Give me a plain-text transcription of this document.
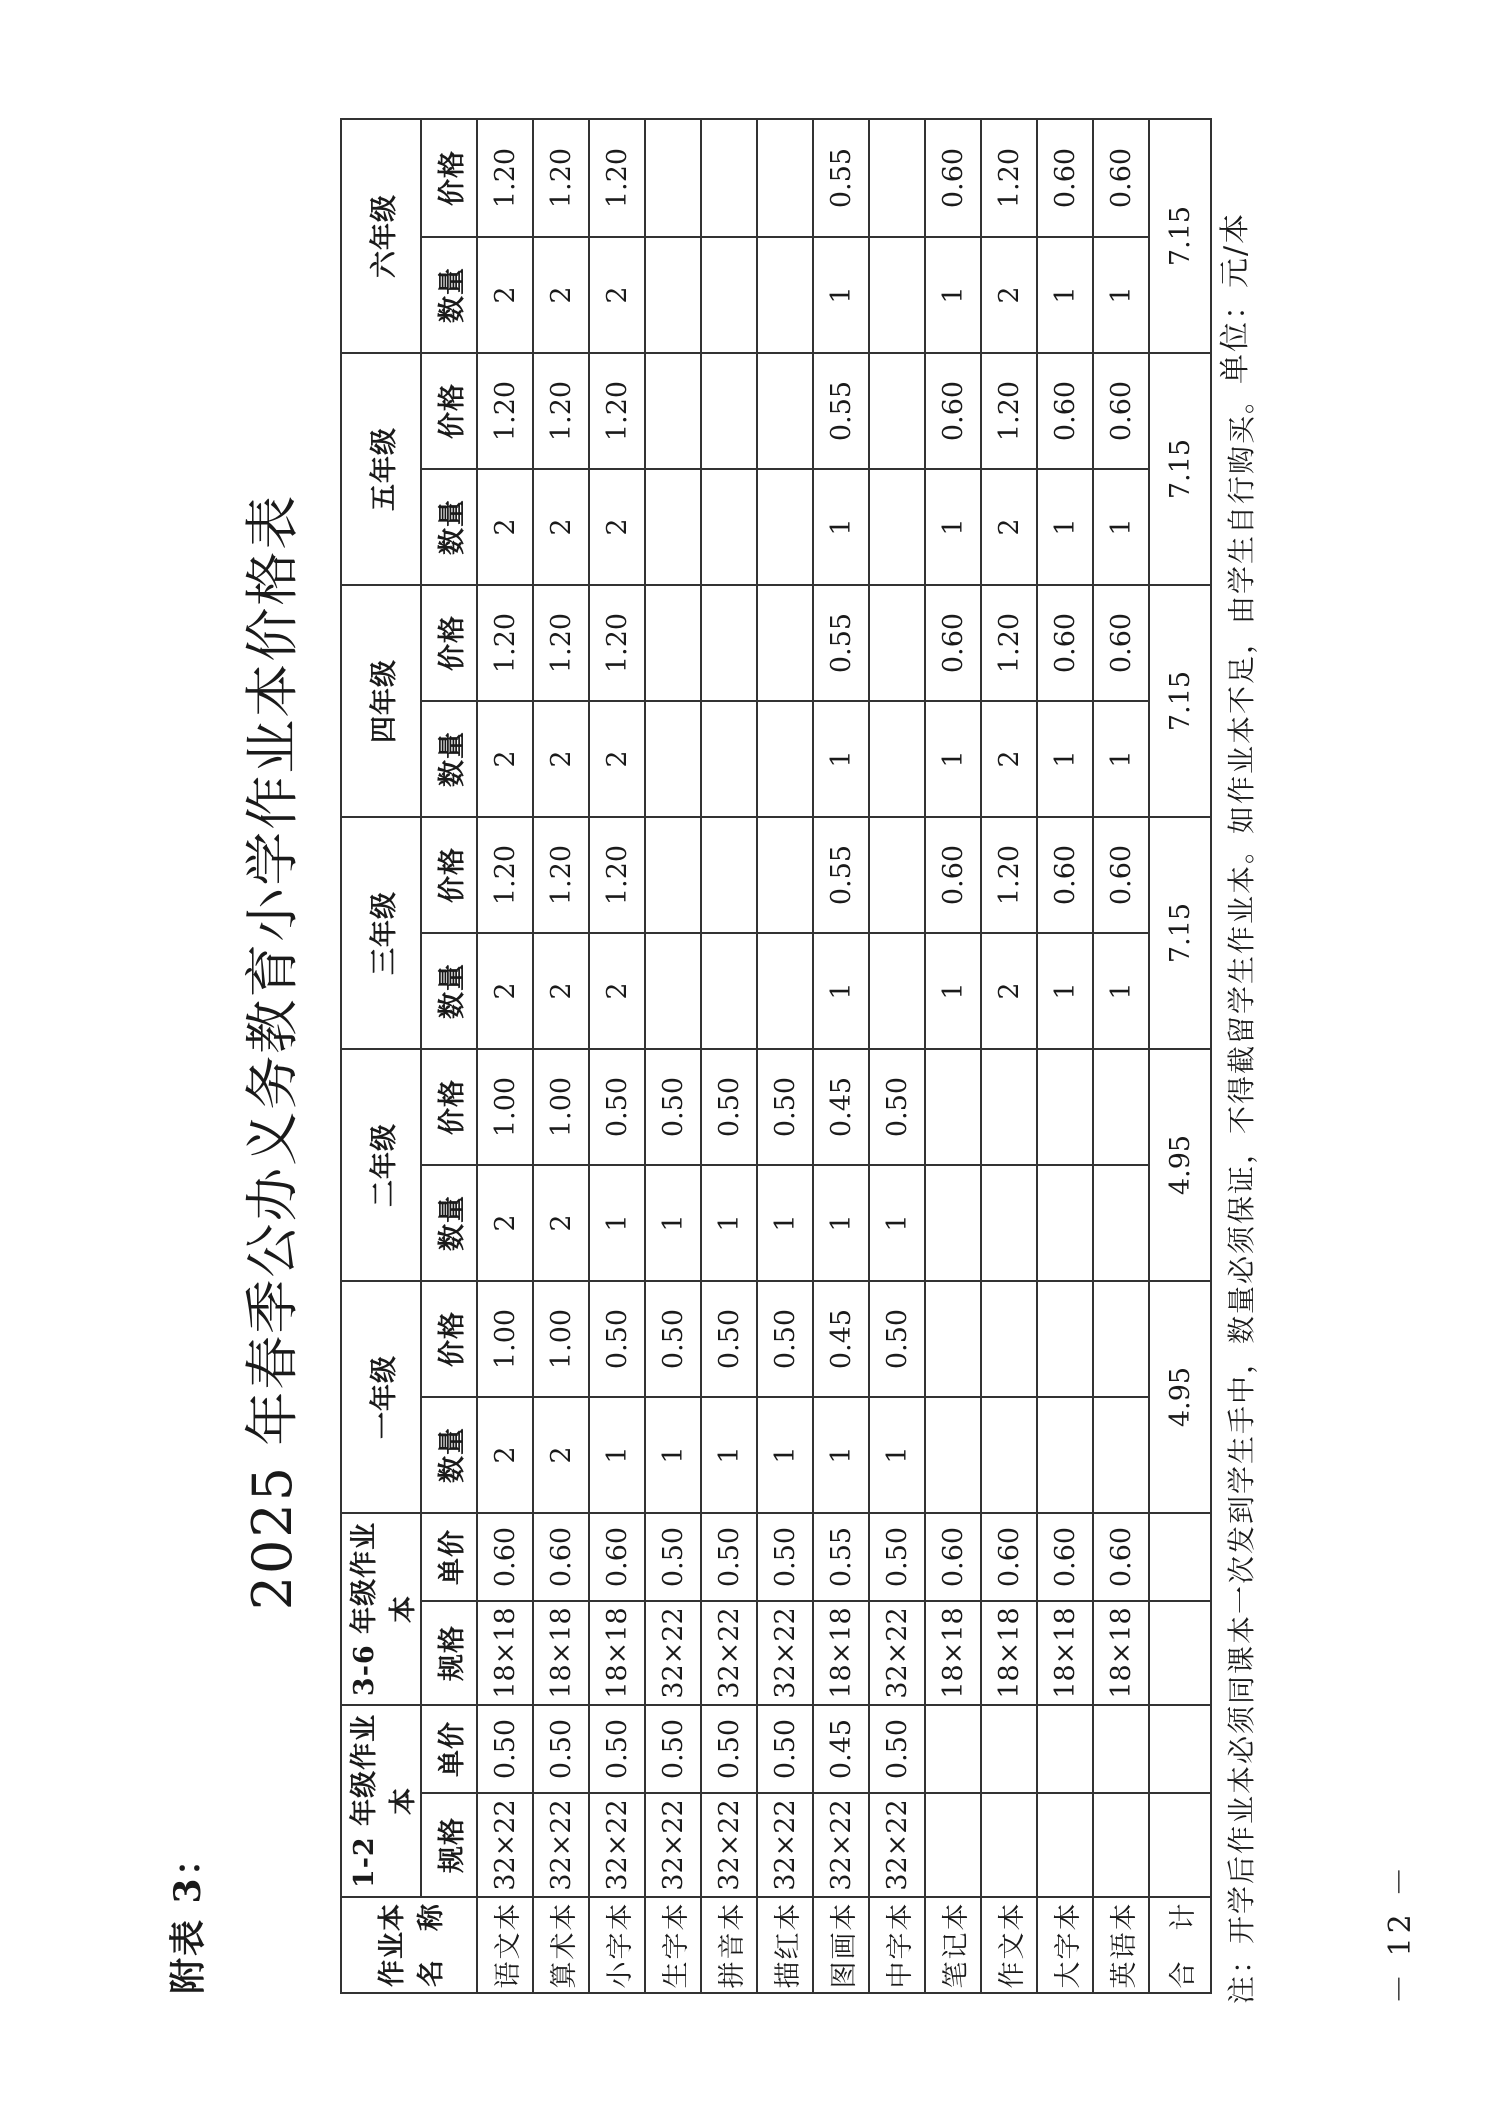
附表 3：
2025 年春季公办义务教育小学作业本价格表
作业本名　称	1-2 年级作业本		3-6 年级作业本		一年级		二年级		三年级		四年级		五年级		六年级	
	规格	单价	规格	单价	数量	价格	数量	价格	数量	价格	数量	价格	数量	价格	数量	价格
语文本	32×22	0.50	18×18	0.60	2	1.00	2	1.00	2	1.20	2	1.20	2	1.20	2	1.20
算术本	32×22	0.50	18×18	0.60	2	1.00	2	1.00	2	1.20	2	1.20	2	1.20	2	1.20
小字本	32×22	0.50	18×18	0.60	1	0.50	1	0.50	2	1.20	2	1.20	2	1.20	2	1.20
生字本	32×22	0.50	32×22	0.50	1	0.50	1	0.50								
拼音本	32×22	0.50	32×22	0.50	1	0.50	1	0.50								
描红本	32×22	0.50	32×22	0.50	1	0.50	1	0.50								
图画本	32×22	0.45	18×18	0.55	1	0.45	1	0.45	1	0.55	1	0.55	1	0.55	1	0.55
中字本	32×22	0.50	32×22	0.50	1	0.50	1	0.50								
笔记本			18×18	0.60					1	0.60	1	0.60	1	0.60	1	0.60
作文本			18×18	0.60					2	1.20	2	1.20	2	1.20	2	1.20
大字本			18×18	0.60					1	0.60	1	0.60	1	0.60	1	0.60
英语本			18×18	0.60					1	0.60	1	0.60	1	0.60	1	0.60
合　计					4.95		4.95		7.15		7.15		7.15		7.15	单位：元/本
注：开学后作业本必须同课本一次发到学生手中，数量必须保证，不得截留学生作业本。如作业本不足，由学生自行购买。	－ 12 －
